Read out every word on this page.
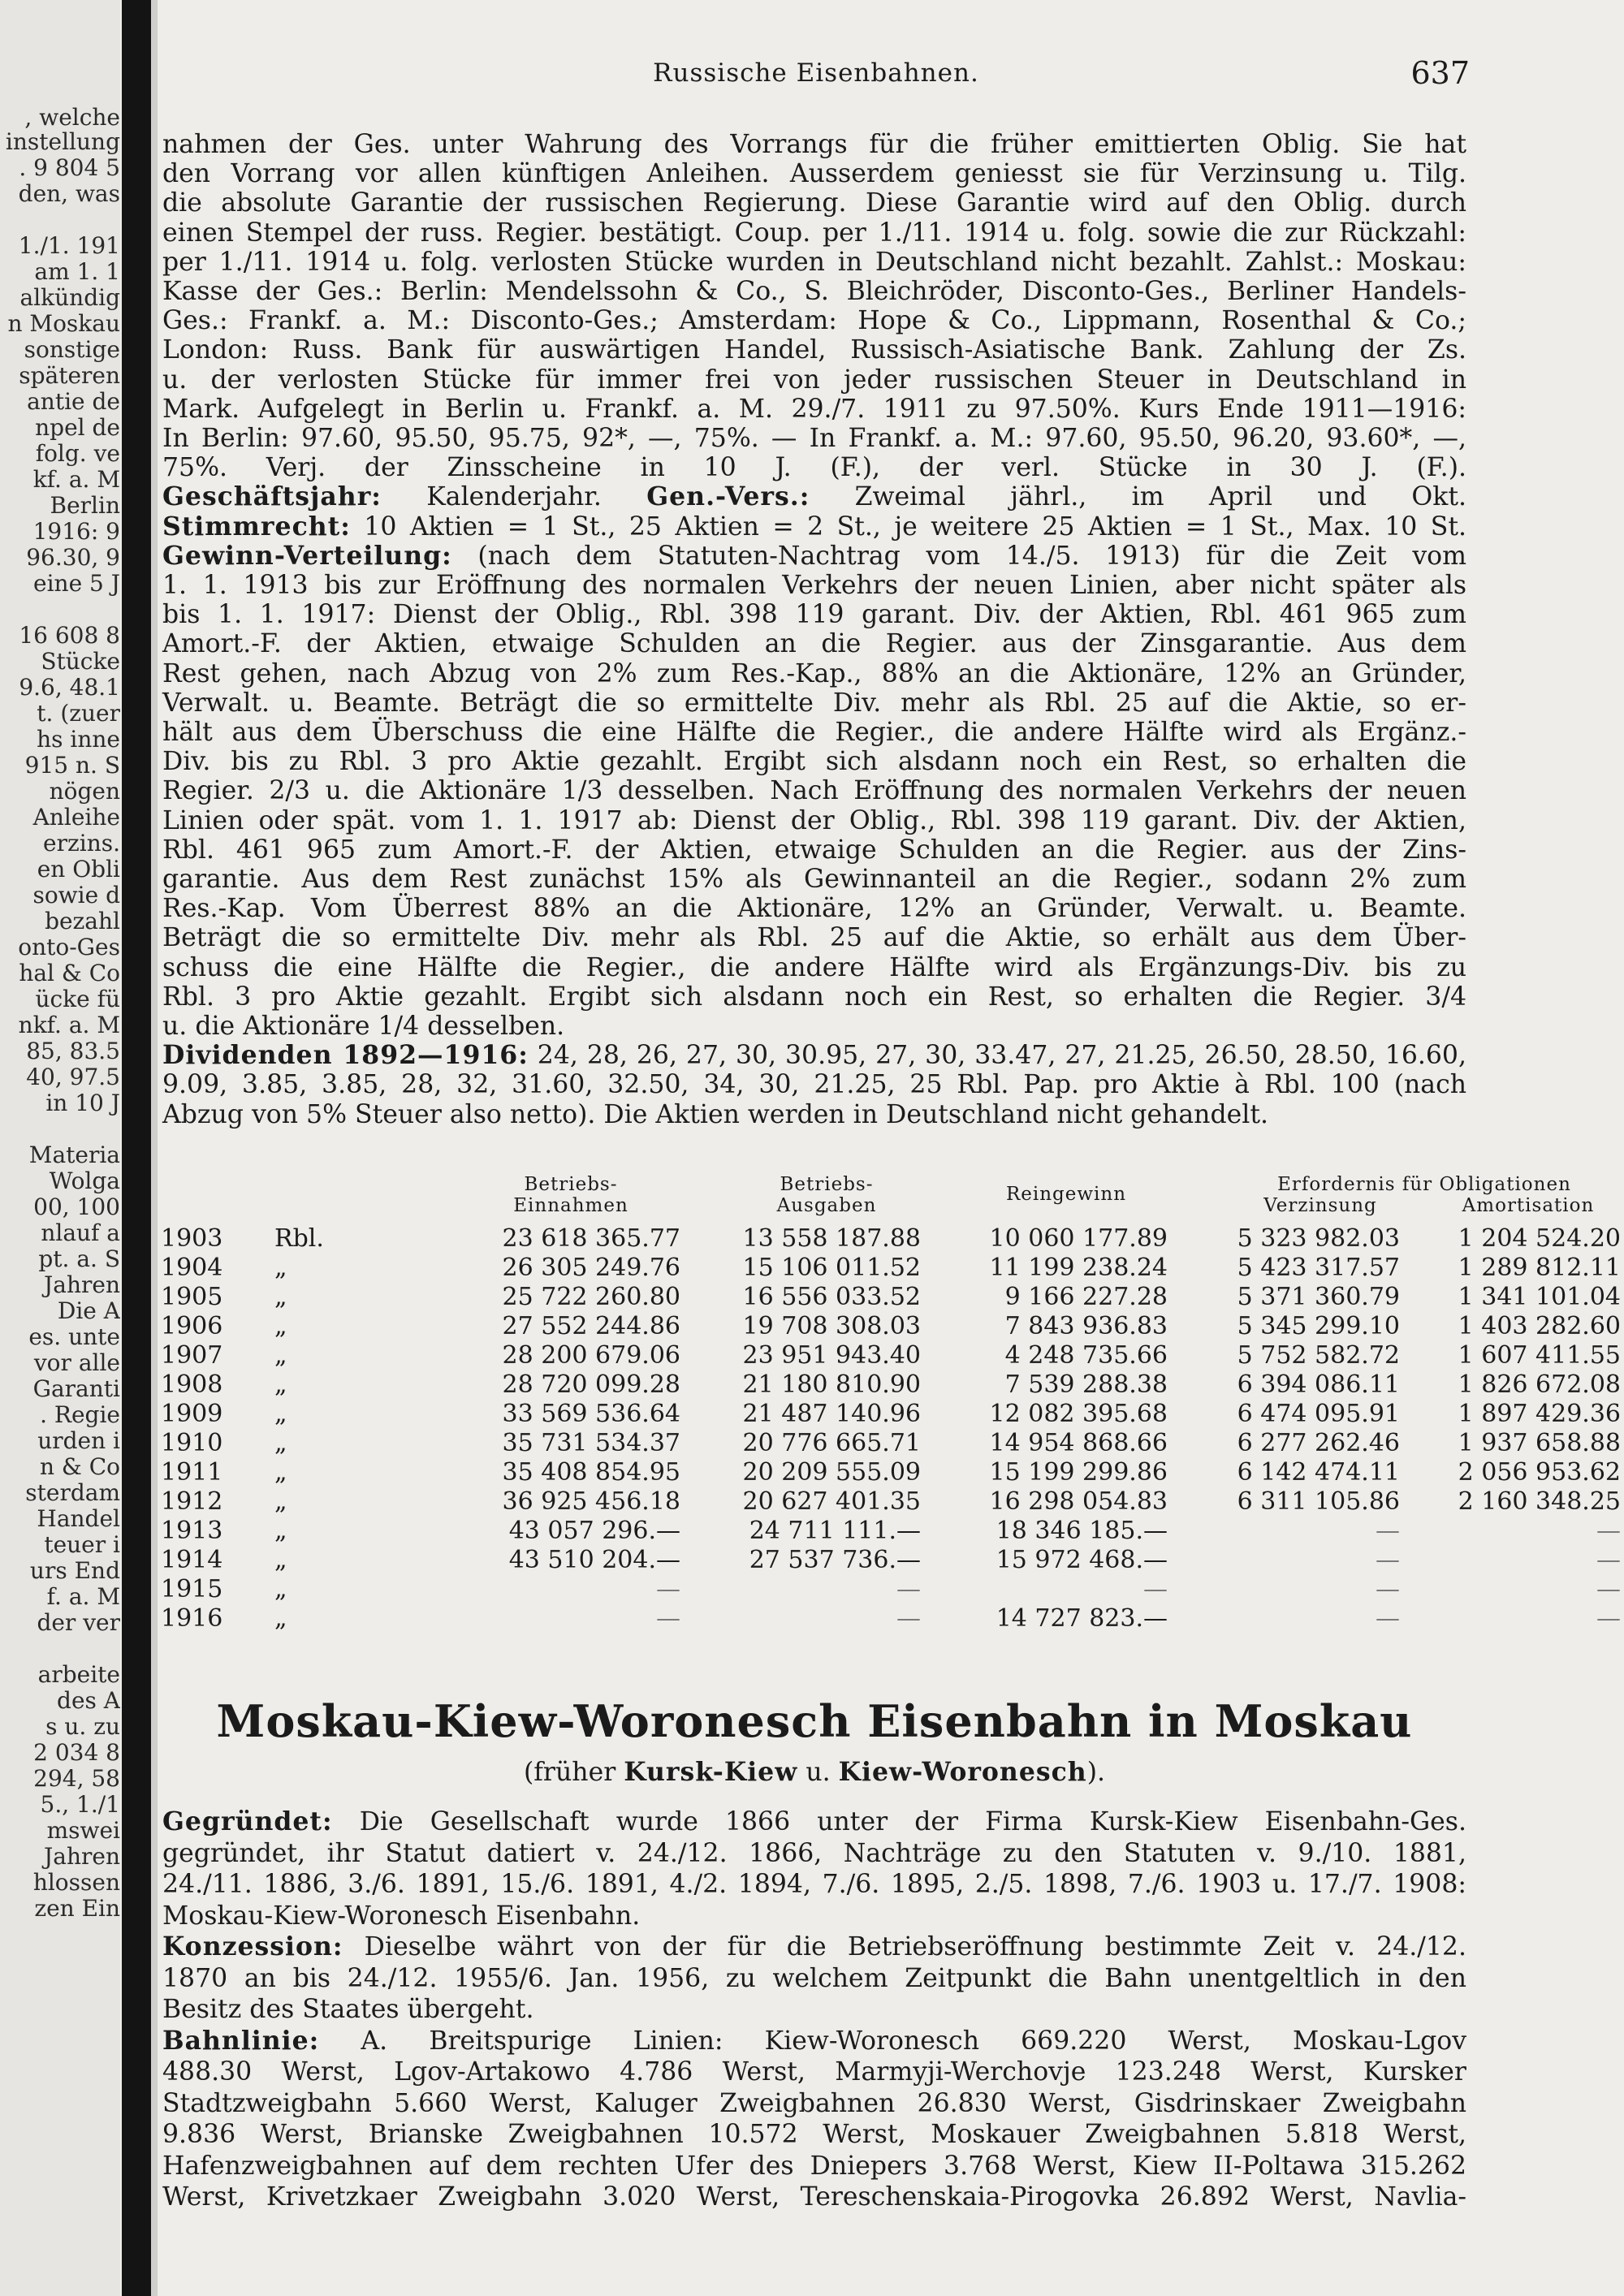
, welche
instellung
. 9 804 5
den, was
1./1. 191
am 1. 1
alkündig
n Moskau
sonstige
späteren
antie de
npel de
folg. ve
kf. a. M
Berlin
1916: 9
96.30, 9
eine 5 J
16 608 8
Stücke
9.6, 48.1
t. (zuer
hs inne
915 n. S
nögen
Anleihe
erzins.
en Obli
sowie d
bezahl
onto-Ges
hal & Co
ücke fü
nkf. a. M
85, 83.5
40, 97.5
in 10 J
Materia
Wolga
00, 100
nlauf a
pt. a. S
Jahren
Die A
es. unte
vor alle
Garanti
. Regie
urden i
n & Co
sterdam
Handel
teuer i
urs End
f. a. M
der ver
arbeite
des A
s u. zu
2 034 8
294, 58
5., 1./1
mswei
Jahren
hlossen
zen Ein
Russische Eisenbahnen.	637
nahmen der Ges. unter Wahrung des Vorrangs für die früher emittierten Oblig. Sie hat
den Vorrang vor allen künftigen Anleihen. Ausserdem geniesst sie für Verzinsung u. Tilg.
die absolute Garantie der russischen Regierung. Diese Garantie wird auf den Oblig. durch
einen Stempel der russ. Regier. bestätigt. Coup. per 1./11. 1914 u. folg. sowie die zur Rückzahl:
per 1./11. 1914 u. folg. verlosten Stücke wurden in Deutschland nicht bezahlt. Zahlst.: Moskau:
Kasse der Ges.: Berlin: Mendelssohn & Co., S. Bleichröder, Disconto-Ges., Berliner Handels-
Ges.: Frankf. a. M.: Disconto-Ges.; Amsterdam: Hope & Co., Lippmann, Rosenthal & Co.;
London: Russ. Bank für auswärtigen Handel, Russisch-Asiatische Bank. Zahlung der Zs.
u. der verlosten Stücke für immer frei von jeder russischen Steuer in Deutschland in
Mark. Aufgelegt in Berlin u. Frankf. a. M. 29./7. 1911 zu 97.50%. Kurs Ende 1911—1916:
In Berlin: 97.60, 95.50, 95.75, 92*, —, 75%. — In Frankf. a. M.: 97.60, 95.50, 96.20, 93.60*, —,
75%. Verj. der Zinsscheine in 10 J. (F.), der verl. Stücke in 30 J. (F.).
Geschäftsjahr: Kalenderjahr. Gen.-Vers.: Zweimal jährl., im April und Okt.
Stimmrecht: 10 Aktien = 1 St., 25 Aktien = 2 St., je weitere 25 Aktien = 1 St., Max. 10 St.
Gewinn-Verteilung: (nach dem Statuten-Nachtrag vom 14./5. 1913) für die Zeit vom
1. 1. 1913 bis zur Eröffnung des normalen Verkehrs der neuen Linien, aber nicht später als
bis 1. 1. 1917: Dienst der Oblig., Rbl. 398 119 garant. Div. der Aktien, Rbl. 461 965 zum
Amort.-F. der Aktien, etwaige Schulden an die Regier. aus der Zinsgarantie. Aus dem
Rest gehen, nach Abzug von 2% zum Res.-Kap., 88% an die Aktionäre, 12% an Gründer,
Verwalt. u. Beamte. Beträgt die so ermittelte Div. mehr als Rbl. 25 auf die Aktie, so er-
hält aus dem Überschuss die eine Hälfte die Regier., die andere Hälfte wird als Ergänz.-
Div. bis zu Rbl. 3 pro Aktie gezahlt. Ergibt sich alsdann noch ein Rest, so erhalten die
Regier. 2/3 u. die Aktionäre 1/3 desselben. Nach Eröffnung des normalen Verkehrs der neuen
Linien oder spät. vom 1. 1. 1917 ab: Dienst der Oblig., Rbl. 398 119 garant. Div. der Aktien,
Rbl. 461 965 zum Amort.-F. der Aktien, etwaige Schulden an die Regier. aus der Zins-
garantie. Aus dem Rest zunächst 15% als Gewinnanteil an die Regier., sodann 2% zum
Res.-Kap. Vom Überrest 88% an die Aktionäre, 12% an Gründer, Verwalt. u. Beamte.
Beträgt die so ermittelte Div. mehr als Rbl. 25 auf die Aktie, so erhält aus dem Über-
schuss die eine Hälfte die Regier., die andere Hälfte wird als Ergänzungs-Div. bis zu
Rbl. 3 pro Aktie gezahlt. Ergibt sich alsdann noch ein Rest, so erhalten die Regier. 3/4
u. die Aktionäre 1/4 desselben.
Dividenden 1892—1916: 24, 28, 26, 27, 30, 30.95, 27, 30, 33.47, 27, 21.25, 26.50, 28.50, 16.60,
9.09, 3.85, 3.85, 28, 32, 31.60, 32.50, 34, 30, 21.25, 25 Rbl. Pap. pro Aktie à Rbl. 100 (nach
Abzug von 5% Steuer also netto). Die Aktien werden in Deutschland nicht gehandelt.
Betriebs-
Einnahmen
Betriebs-
Ausgaben
Reingewinn	Erfordernis für Obligationen
Verzinsung	Amortisation
1903 Rbl.	23 618 365.77	13 558 187.88	10 060 177.89	5 323 982.03	1 204 524.20
1904 „	26 305 249.76	15 106 011.52	11 199 238.24	5 423 317.57	1 289 812.11
1905 „	25 722 260.80	16 556 033.52	9 166 227.28	5 371 360.79	1 341 101.04
1906 „	27 552 244.86	19 708 308.03	7 843 936.83	5 345 299.10	1 403 282.60
1907 „	28 200 679.06	23 951 943.40	4 248 735.66	5 752 582.72	1 607 411.55
1908 „	28 720 099.28	21 180 810.90	7 539 288.38	6 394 086.11	1 826 672.08
1909 „	33 569 536.64	21 487 140.96	12 082 395.68	6 474 095.91	1 897 429.36
1910 „	35 731 534.37	20 776 665.71	14 954 868.66	6 277 262.46	1 937 658.88
1911 „	35 408 854.95	20 209 555.09	15 199 299.86	6 142 474.11	2 056 953.62
1912 „	36 925 456.18	20 627 401.35	16 298 054.83	6 311 105.86	2 160 348.25
1913 „	43 057 296.—	24 711 111.—	18 346 185.—	—	—
1914 „	43 510 204.—	27 537 736.—	15 972 468.—	—	—
1915 „	—	—	—	—	—
1916 „	—	—	14 727 823.—	—	—
Moskau-Kiew-Woronesch Eisenbahn in Moskau
(früher Kursk-Kiew u. Kiew-Woronesch).
Gegründet: Die Gesellschaft wurde 1866 unter der Firma Kursk-Kiew Eisenbahn-Ges.
gegründet, ihr Statut datiert v. 24./12. 1866, Nachträge zu den Statuten v. 9./10. 1881,
24./11. 1886, 3./6. 1891, 15./6. 1891, 4./2. 1894, 7./6. 1895, 2./5. 1898, 7./6. 1903 u. 17./7. 1908:
Moskau-Kiew-Woronesch Eisenbahn.
Konzession: Dieselbe währt von der für die Betriebseröffnung bestimmte Zeit v. 24./12.
1870 an bis 24./12. 1955/6. Jan. 1956, zu welchem Zeitpunkt die Bahn unentgeltlich in den
Besitz des Staates übergeht.
Bahnlinie: A. Breitspurige Linien: Kiew-Woronesch 669.220 Werst, Moskau-Lgov
488.30 Werst, Lgov-Artakowo 4.786 Werst, Marmyji-Werchovje 123.248 Werst, Kursker
Stadtzweigbahn 5.660 Werst, Kaluger Zweigbahnen 26.830 Werst, Gisdrinskaer Zweigbahn
9.836 Werst, Brianske Zweigbahnen 10.572 Werst, Moskauer Zweigbahnen 5.818 Werst,
Hafenzweigbahnen auf dem rechten Ufer des Dniepers 3.768 Werst, Kiew II-Poltawa 315.262
Werst, Krivetzkaer Zweigbahn 3.020 Werst, Tereschenskaia-Pirogovka 26.892 Werst, Navlia-
